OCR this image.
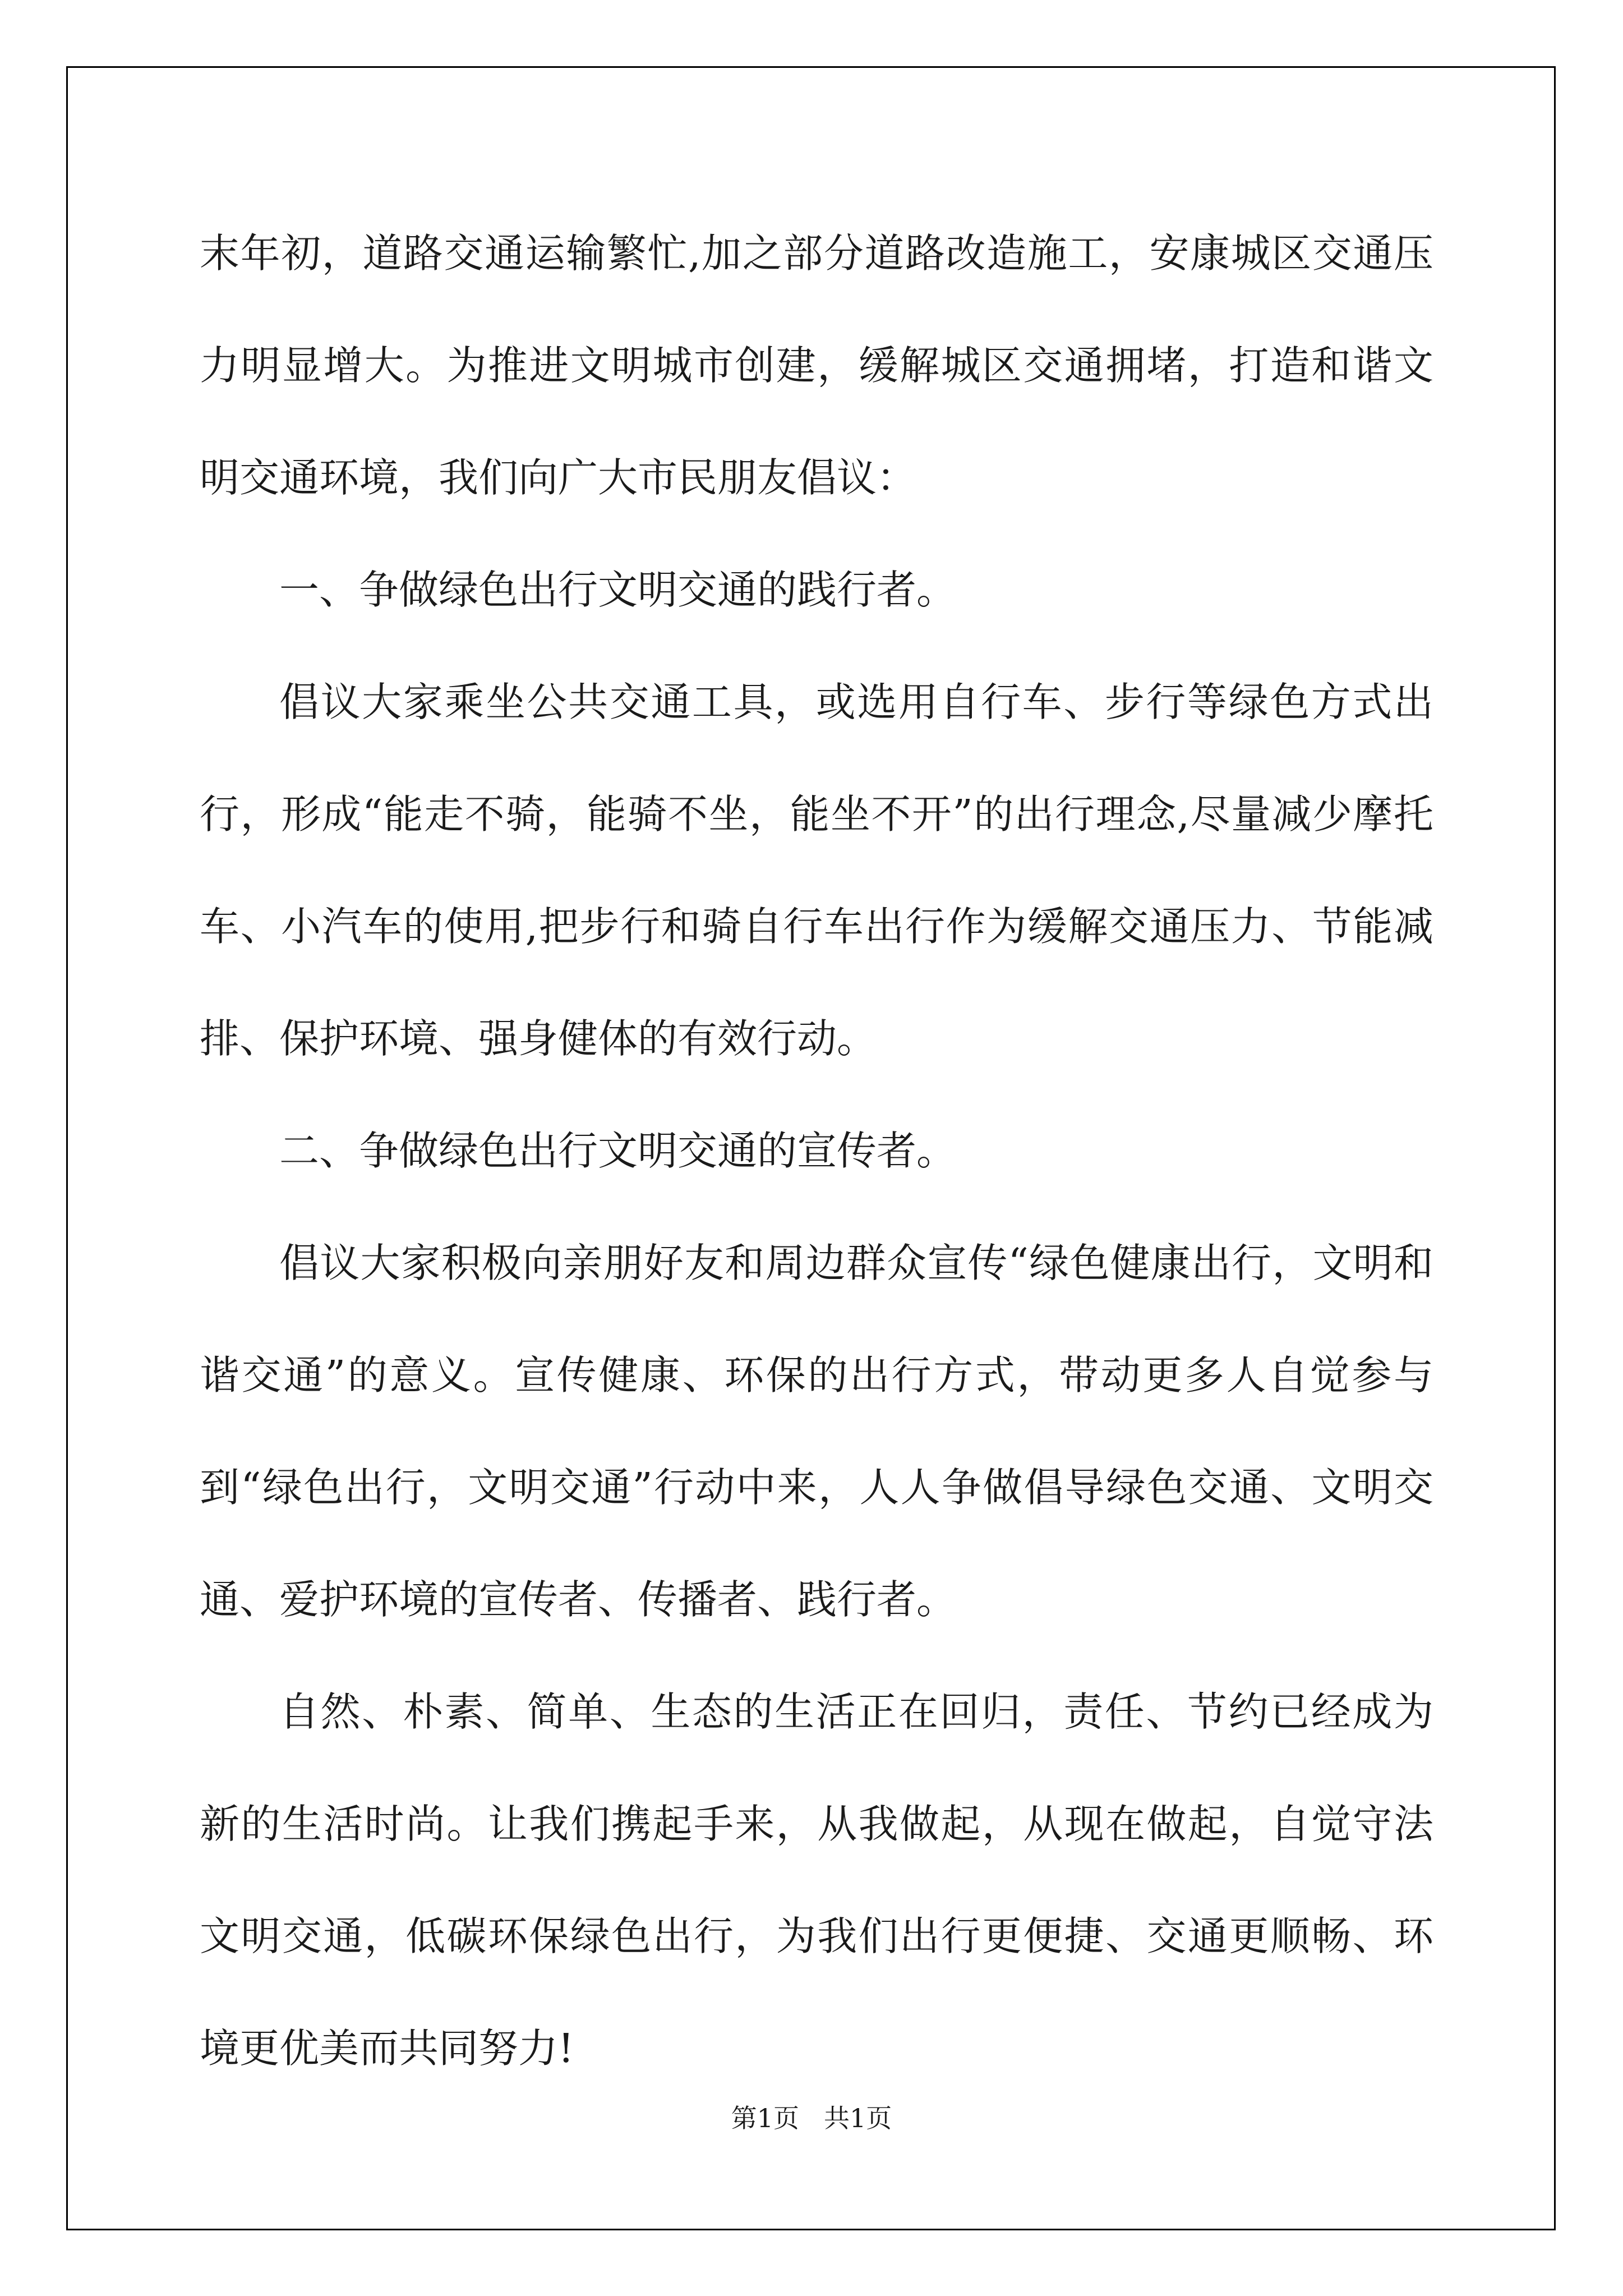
末年初，道路交通运输繁忙,加之部分道路改造施工，安康城区交通压力明显增大。为推进文明城市创建，缓解城区交通拥堵，打造和谐文明交通环境，我们向广大市民朋友倡议：

一、争做绿色出行文明交通的践行者。

倡议大家乘坐公共交通工具，或选用自行车、步行等绿色方式出行，形成“能走不骑，能骑不坐，能坐不开”的出行理念,尽量减少摩托车、小汽车的使用,把步行和骑自行车出行作为缓解交通压力、节能减排、保护环境、强身健体的有效行动。

二、争做绿色出行文明交通的宣传者。

倡议大家积极向亲朋好友和周边群众宣传“绿色健康出行，文明和谐交通”的意义。宣传健康、环保的出行方式，带动更多人自觉参与到“绿色出行，文明交通”行动中来，人人争做倡导绿色交通、文明交通、爱护环境的宣传者、传播者、践行者。

自然、朴素、简单、生态的生活正在回归，责任、节约已经成为新的生活时尚。让我们携起手来，从我做起，从现在做起，自觉守法文明交通，低碳环保绿色出行，为我们出行更便捷、交通更顺畅、环境更优美而共同努力!

第1页 共1页
